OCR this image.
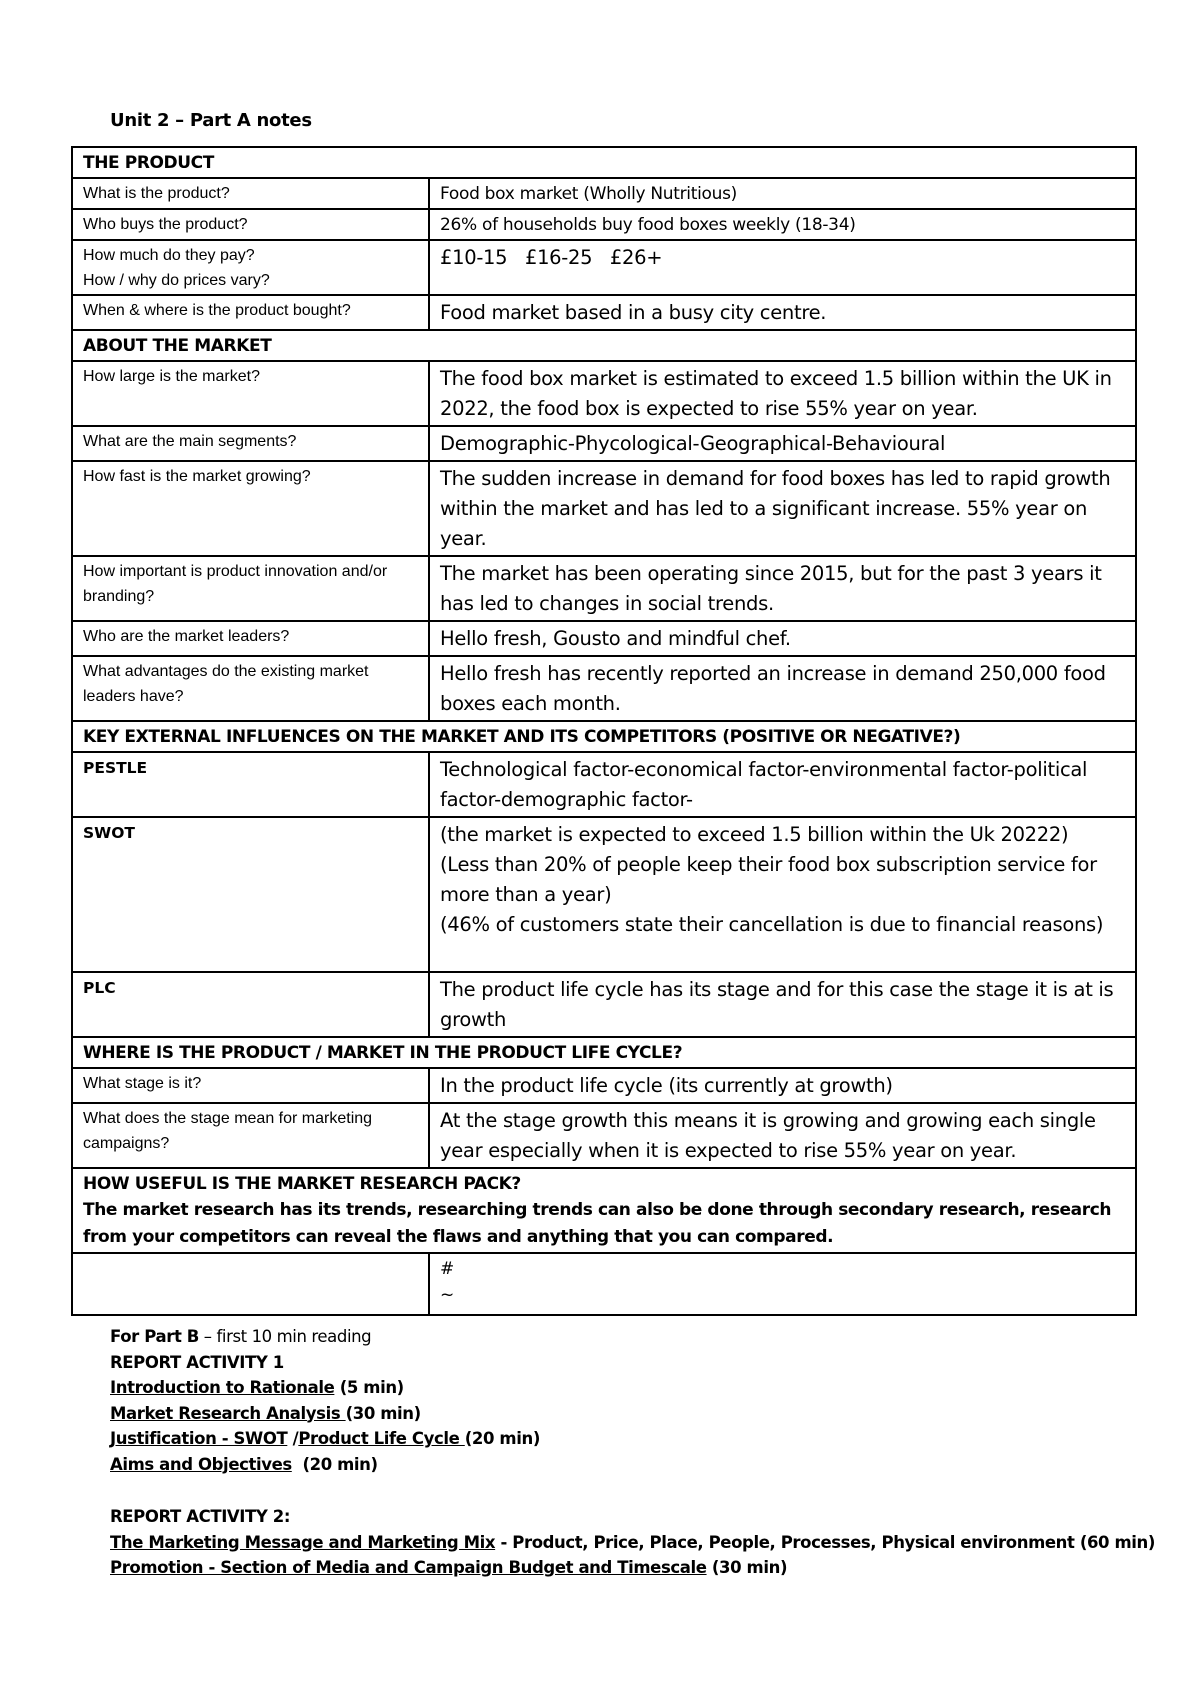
Unit 2 – Part A notes
THE PRODUCT	
What is the product?	Food box market (Wholly Nutritious)
Who buys the product?	26% of households buy food boxes weekly (18-34)

How much do they pay?
How / why do prices vary?	£10-15   £16-25   £26+
When & where is the product bought?	Food market based in a busy city centre.
ABOUT THE MARKET	
How large is the market?	The food box market is estimated to exceed 1.5 billion within the UK in 2022, the food box is expected to rise 55% year on year.
What are the main segments?	Demographic-Phycological-Geographical-Behavioural
How fast is the market growing?	The sudden increase in demand for food boxes has led to rapid growth within the market and has led to a significant increase. 55% year on year.
How important is product innovation and/or branding?	The market has been operating since 2015, but for the past 3 years it has led to changes in social trends.
Who are the market leaders?	Hello fresh, Gousto and mindful chef.
What advantages do the existing market leaders have?	Hello fresh has recently reported an increase in demand 250,000 food boxes each month.
KEY EXTERNAL INFLUENCES ON THE MARKET AND ITS COMPETITORS (POSITIVE OR NEGATIVE?)	
PESTLE	Technological factor-economical factor-environmental factor-political factor-demographic factor-
SWOT	(the market is expected to exceed 1.5 billion within the Uk 20222)
(Less than 20% of people keep their food box subscription service for more than a year)
(46% of customers state their cancellation is due to financial reasons)

PLC	The product life cycle has its stage and for this case the stage it is at is growth
WHERE IS THE PRODUCT / MARKET IN THE PRODUCT LIFE CYCLE?	
What stage is it?	In the product life cycle (its currently at growth)
What does the stage mean for marketing campaigns?	At the stage growth this means it is growing and growing each single year especially when it is expected to rise 55% year on year.

HOW USEFUL IS THE MARKET RESEARCH PACK?
The market research has its trends, researching trends can also be done through secondary research, research from your competitors can reveal the flaws and anything that you can compared.	

	#
~
For Part B – first 10 min reading
REPORT ACTIVITY 1
Introduction to Rationale (5 min)
Market Research Analysis (30 min)
Justification - SWOT /Product Life Cycle (20 min)
Aims and Objectives  (20 min)
REPORT ACTIVITY 2:
The Marketing Message and Marketing Mix - Product, Price, Place, People, Processes, Physical environment (60 min)
Promotion - Section of Media and Campaign Budget and Timescale (30 min)
